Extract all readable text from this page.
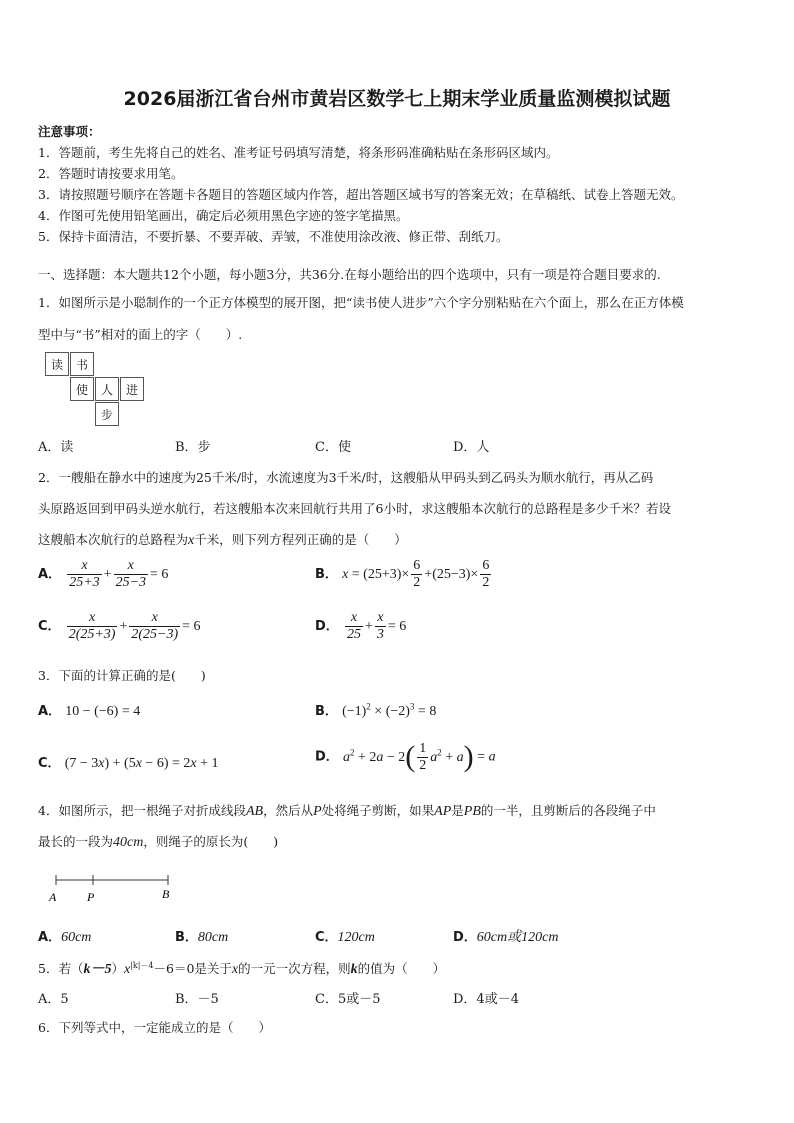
2026届浙江省台州市黄岩区数学七上期末学业质量监测模拟试题
注意事项：
1．答题前，考生先将自己的姓名、准考证号码填写清楚，将条形码准确粘贴在条形码区域内。
2．答题时请按要求用笔。
3．请按照题号顺序在答题卡各题目的答题区域内作答，超出答题区域书写的答案无效；在草稿纸、试卷上答题无效。
4．作图可先使用铅笔画出，确定后必须用黑色字迹的签字笔描黑。
5．保持卡面清洁，不要折暴、不要弄破、弄皱，不准使用涂改液、修正带、刮纸刀。
一、选择题：本大题共12个小题，每小题3分，共36分.在每小题给出的四个选项中，只有一项是符合题目要求的.
1．如图所示是小聪制作的一个正方体模型的展开图，把“读书使人进步”六个字分别粘贴在六个面上，那么在正方体模
型中与“书”相对的面上的字（　　）.
读	书
使	人	进
步
A．读	B．步	C．使	D．人
2．一艘船在静水中的速度为25千米/时，水流速度为3千米/时，这艘船从甲码头到乙码头为顺水航行，再从乙码
头原路返回到甲码头逆水航行，若这艘船本次来回航行共用了6小时，求这艘船本次航行的总路程是多少千米？若设
这艘船本次航行的总路程为x千米，则下列方程列正确的是（　　）
A． $\frac{x}{25+3} + \frac{x}{25-3} = 6$	B． $x = (25+3)\times \frac{6}{2} +(25-3)\times \frac{6}{2}$
C． $\frac{x}{2(25+3)} + \frac{x}{2(25-3)} = 6$	D． $\frac{x}{25} + \frac{x}{3} = 6$
3．下面的计算正确的是(　　)
A． 10 − (−6) = 4	B． $(-1)^2 \times (-2)^3 = 8$
C． (7 − 3x) + (5x − 6) = 2x + 1	D． $a^2 + 2a - 2( \frac{1}{2} a^2 + a) = a$
4．如图所示，把一根绳子对折成线段AB，然后从P处将绳子剪断，如果AP是PB的一半，且剪断后的各段绳子中
最长的一段为40cm，则绳子的原长为(　　)
A	P	B
A．60cm	B．80cm	C．120cm	D．60cm或120cm
5．若$(k-5)x^{|k|-4}-6=0$是关于x的一元一次方程，则k的值为（　　）
A．5	B．－5	C．5或－5	D．4或－4
6．下列等式中，一定能成立的是（　　）
